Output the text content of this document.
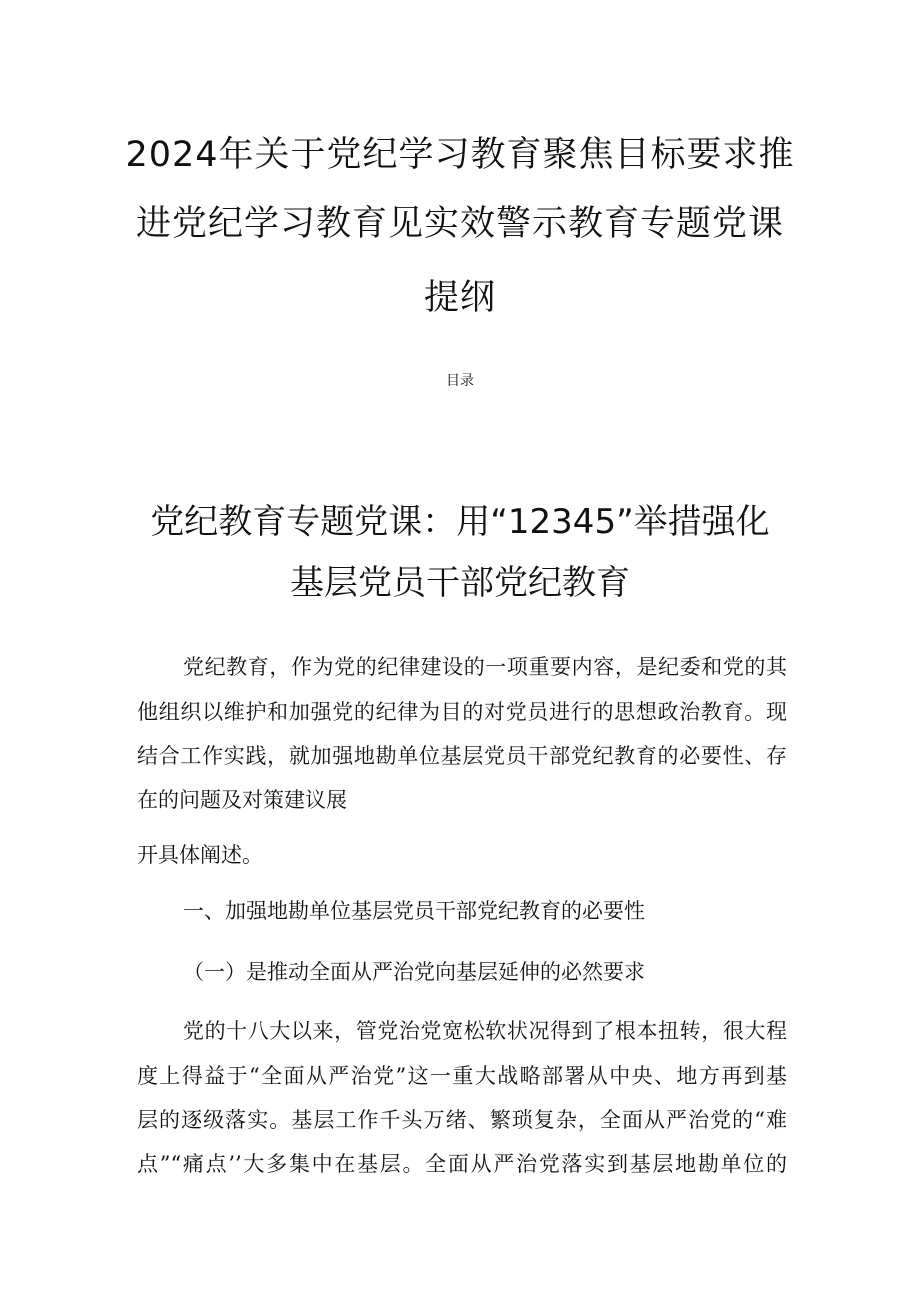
2024年关于党纪学习教育聚焦目标要求推
进党纪学习教育见实效警示教育专题党课
提纲
目录
党纪教育专题党课：用“12345”举措强化
基层党员干部党纪教育
党纪教育，作为党的纪律建设的一项重要内容，是纪委和党的其
他组织以维护和加强党的纪律为目的对党员进行的思想政治教育。现
结合工作实践，就加强地勘单位基层党员干部党纪教育的必要性、存
在的问题及对策建议展
开具体阐述。
一、加强地勘单位基层党员干部党纪教育的必要性
（一）是推动全面从严治党向基层延伸的必然要求
党的十八大以来，管党治党宽松软状况得到了根本扭转，很大程
度上得益于“全面从严治党”这一重大战略部署从中央、地方再到基
层的逐级落实。基层工作千头万绪、繁琐复杂，全面从严治党的“难
点”“痛点’’大多集中在基层。全面从严治党落实到基层地勘单位的
